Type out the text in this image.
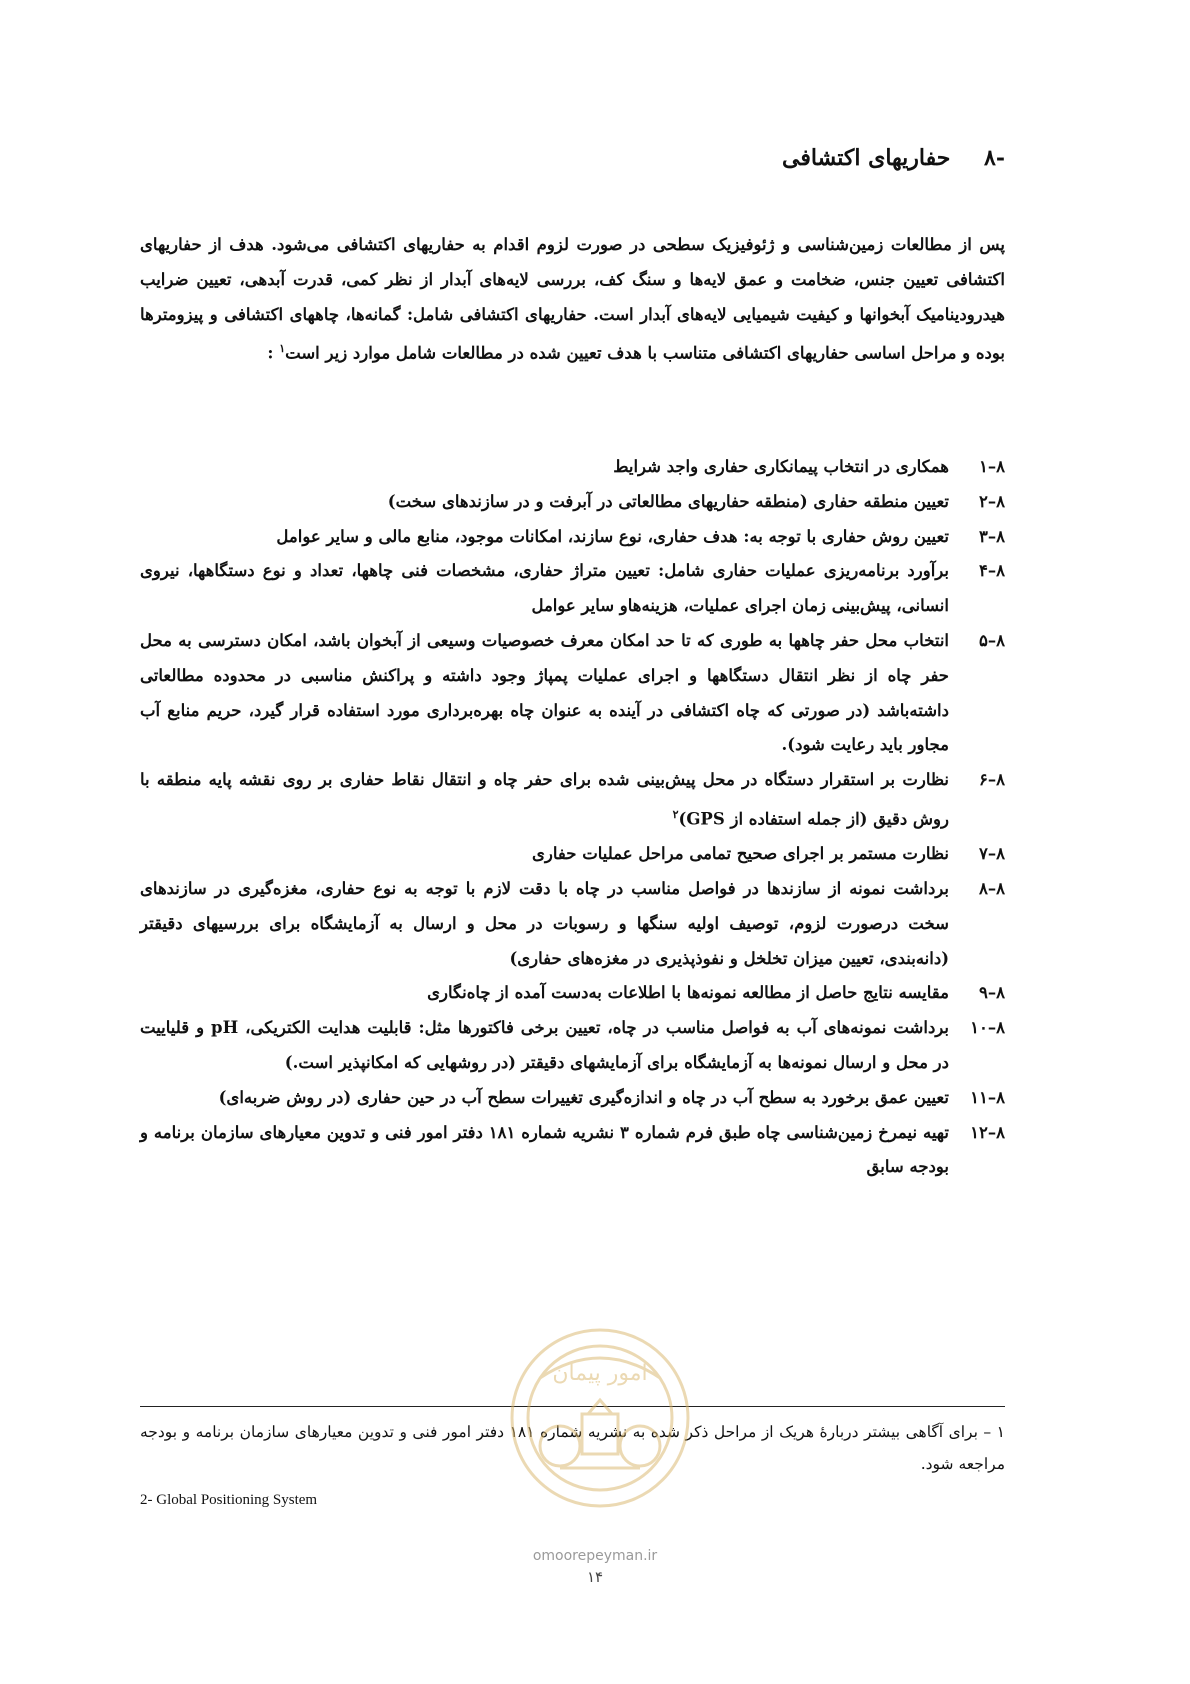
-۸ حفاریهای اکتشافی
پس از مطالعات زمین‌شناسی و ژئوفیزیک سطحی در صورت لزوم اقدام به حفاریهای اکتشافی می‌شود. هدف از حفاریهای اکتشافی تعیین جنس، ضخامت و عمق لایه‌ها و سنگ کف، بررسی لایه‌های آبدار از نظر کمی، قدرت آبدهی، تعیین ضرایب هیدرودینامیک آبخوانها و کیفیت شیمیایی لایه‌های آبدار است. حفاریهای اکتشافی شامل: گمانه‌ها، چاههای اکتشافی و پیزومترها بوده و مراحل اساسی حفاریهای اکتشافی متناسب با هدف تعیین شده در مطالعات شامل موارد زیر است$^۱$ :
۸–۱
همکاری در انتخاب پیمانکاری حفاری واجد شرایط
۸–۲
تعیین منطقه حفاری (منطقه حفاریهای مطالعاتی در آبرفت و در سازندهای سخت)
۸–۳
تعیین روش حفاری با توجه به: هدف حفاری، نوع سازند، امکانات موجود، منابع مالی و سایر عوامل
۸–۴
برآورد برنامه‌ریزی عملیات حفاری شامل: تعیین متراژ حفاری، مشخصات فنی چاهها، تعداد و نوع دستگاهها، نیروی انسانی، پیش‌بینی زمان اجرای عملیات، هزینه‌هاو سایر عوامل
۸–۵
انتخاب محل حفر چاهها به طوری که تا حد امکان معرف خصوصیات وسیعی از آبخوان باشد، امکان دسترسی به محل حفر چاه از نظر انتقال دستگاهها و اجرای عملیات پمپاژ وجود داشته و پراکنش مناسبی در محدوده مطالعاتی داشته‌باشد (در صورتی که چاه اکتشافی در آینده به عنوان چاه بهره‌برداری مورد استفاده قرار گیرد، حریم منابع آب مجاور باید رعایت شود).
۸–۶
نظارت بر استقرار دستگاه در محل پیش‌بینی شده برای حفر چاه و انتقال نقاط حفاری بر روی نقشه پایه منطقه با روش دقیق (از جمله استفاده از GPS)$^۲$
۸–۷
نظارت مستمر بر اجرای صحیح تمامی مراحل عملیات حفاری
۸–۸
برداشت نمونه از سازندها در فواصل مناسب در چاه با دقت لازم با توجه به نوع حفاری، مغزه‌گیری در سازندهای سخت درصورت لزوم، توصیف اولیه سنگها و رسوبات در محل و ارسال به آزمایشگاه برای بررسیهای دقیقتر (دانه‌بندی، تعیین میزان تخلخل و نفوذپذیری در مغزه‌های حفاری)
۸–۹
مقایسه نتایج حاصل از مطالعه نمونه‌ها با اطلاعات به‌دست آمده از چاه‌نگاری
۸–۱۰
برداشت نمونه‌های آب به فواصل مناسب در چاه، تعیین برخی فاکتورها مثل: قابلیت هدایت الکتریکی، pH و قلیاییت در محل و ارسال نمونه‌ها به آزمایشگاه برای آزمایشهای دقیقتر (در روشهایی که امکانپذیر است.)
۸–۱۱
تعیین عمق برخورد به سطح آب در چاه و اندازه‌گیری تغییرات سطح آب در حین حفاری (در روش ضربه‌ای)
۸–۱۲
تهیه نیمرخ زمین‌شناسی چاه طبق فرم شماره ۳ نشریه شماره ۱۸۱ دفتر امور فنی و تدوین معیارهای سازمان برنامه و بودجه سابق
۱ – برای آگاهی بیشتر دربارهٔ هریک از مراحل ذکر شده به نشریه شماره ۱۸۱ دفتر امور فنی و تدوین معیارهای سازمان برنامه و بودجه مراجعه شود.
2- Global Positioning System
امور پیمان
omoorepeyman.ir
۱۴
